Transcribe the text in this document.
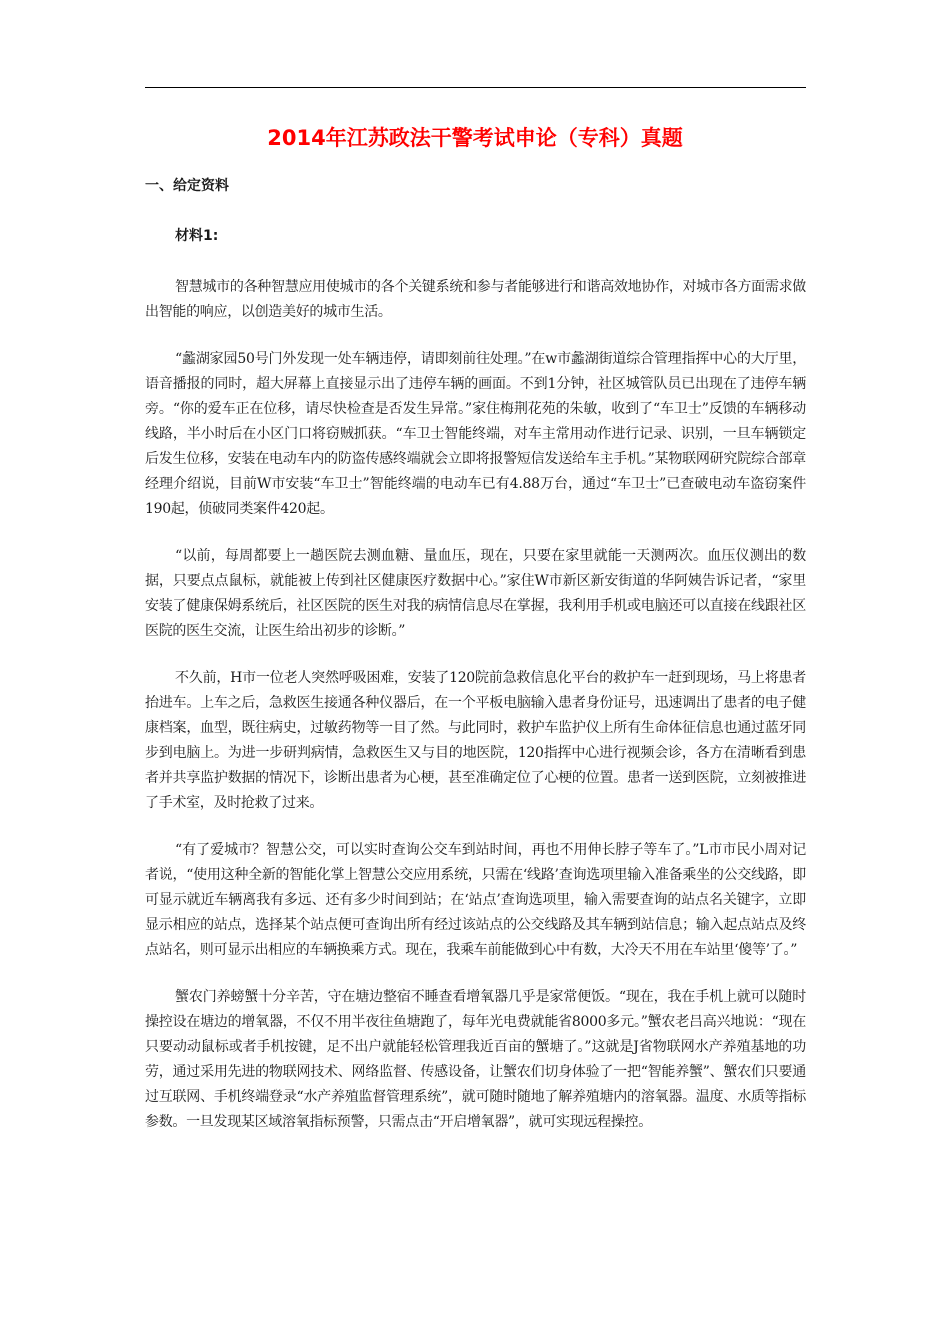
2014年江苏政法干警考试申论（专科）真题
一、给定资料
材料1:

智慧城市的各种智慧应用使城市的各个关键系统和参与者能够进行和谐高效地协作，对城市各方面需求做出智能的响应，以创造美好的城市生活。

“蠡湖家园50号门外发现一处车辆违停，请即刻前往处理。”在w市蠡湖街道综合管理指挥中心的大厅里，语音播报的同时，超大屏幕上直接显示出了违停车辆的画面。不到1分钟，社区城管队员已出现在了违停车辆旁。“你的爱车正在位移，请尽快检查是否发生异常。”家住梅荆花苑的朱敏，收到了“车卫士”反馈的车辆移动线路，半小时后在小区门口将窃贼抓获。“车卫士智能终端，对车主常用动作进行记录、识别，一旦车辆锁定后发生位移，安装在电动车内的防盗传感终端就会立即将报警短信发送给车主手机。”某物联网研究院综合部章经理介绍说，目前W市安装“车卫士”智能终端的电动车已有4.88万台，通过“车卫士”已查破电动车盗窃案件190起，侦破同类案件420起。

“以前，每周都要上一趟医院去测血糖、量血压，现在，只要在家里就能一天测两次。血压仪测出的数据，只要点点鼠标，就能被上传到社区健康医疗数据中心。”家住W市新区新安街道的华阿姨告诉记者，“家里安装了健康保姆系统后，社区医院的医生对我的病情信息尽在掌握，我利用手机或电脑还可以直接在线跟社区医院的医生交流，让医生给出初步的诊断。”

不久前，H市一位老人突然呼吸困难，安装了120院前急救信息化平台的救护车一赶到现场，马上将患者抬进车。上车之后，急救医生接通各种仪器后，在一个平板电脑输入患者身份证号，迅速调出了患者的电子健康档案，血型，既往病史，过敏药物等一目了然。与此同时，救护车监护仪上所有生命体征信息也通过蓝牙同步到电脑上。为进一步研判病情，急救医生又与目的地医院，120指挥中心进行视频会诊，各方在清晰看到患者并共享监护数据的情况下，诊断出患者为心梗，甚至准确定位了心梗的位置。患者一送到医院，立刻被推进了手术室，及时抢救了过来。

“有了爱城市？智慧公交，可以实时查询公交车到站时间，再也不用伸长脖子等车了。”L市市民小周对记者说，“使用这种全新的智能化掌上智慧公交应用系统，只需在‘线路’查询选项里输入准备乘坐的公交线路，即可显示就近车辆离我有多远、还有多少时间到站；在‘站点’查询选项里，输入需要查询的站点名关键字，立即显示相应的站点，选择某个站点便可查询出所有经过该站点的公交线路及其车辆到站信息；输入起点站点及终点站名，则可显示出相应的车辆换乘方式。现在，我乘车前能做到心中有数，大冷天不用在车站里‘傻等’了。”

蟹农门养螃蟹十分辛苦，守在塘边整宿不睡查看增氧器几乎是家常便饭。“现在，我在手机上就可以随时操控设在塘边的增氧器，不仅不用半夜往鱼塘跑了，每年光电费就能省8000多元。”蟹农老吕高兴地说：“现在只要动动鼠标或者手机按键，足不出户就能轻松管理我近百亩的蟹塘了。”这就是J省物联网水产养殖基地的功劳，通过采用先进的物联网技术、网络监督、传感设备，让蟹农们切身体验了一把“智能养蟹”、蟹农们只要通过互联网、手机终端登录“水产养殖监督管理系统”，就可随时随地了解养殖塘内的溶氧器。温度、水质等指标参数。一旦发现某区域溶氧指标预警，只需点击“开启增氧器”，就可实现远程操控。
